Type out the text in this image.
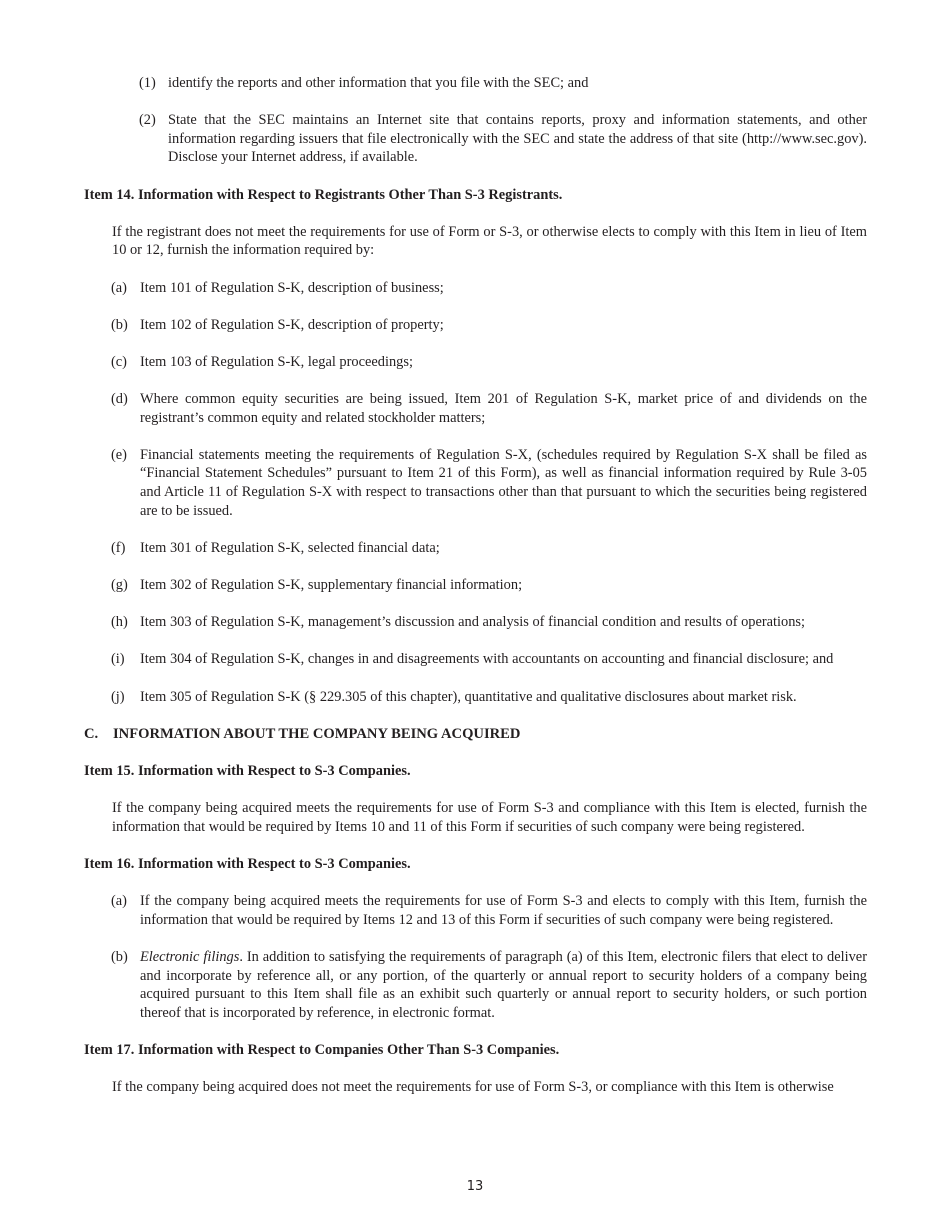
(1) identify the reports and other information that you file with the SEC; and
(2) State that the SEC maintains an Internet site that contains reports, proxy and information statements, and other information regarding issuers that file electronically with the SEC and state the address of that site (http://www.sec.gov). Disclose your Internet address, if available.
Item 14. Information with Respect to Registrants Other Than S-3 Registrants.
If the registrant does not meet the requirements for use of Form or S-3, or otherwise elects to comply with this Item in lieu of Item 10 or 12, furnish the information required by:
(a) Item 101 of Regulation S-K, description of business;
(b) Item 102 of Regulation S-K, description of property;
(c) Item 103 of Regulation S-K, legal proceedings;
(d) Where common equity securities are being issued, Item 201 of Regulation S-K, market price of and dividends on the registrant’s common equity and related stockholder matters;
(e) Financial statements meeting the requirements of Regulation S-X, (schedules required by Regulation S-X shall be filed as “Financial Statement Schedules” pursuant to Item 21 of this Form), as well as financial information required by Rule 3-05 and Article 11 of Regulation S-X with respect to transactions other than that pursuant to which the securities being registered are to be issued.
(f)	Item 301 of Regulation S-K, selected financial data;
(g) Item 302 of Regulation S-K, supplementary financial information;
(h) Item 303 of Regulation S-K, management’s discussion and analysis of financial condition and results of operations;
(i)	Item 304 of Regulation S-K, changes in and disagreements with accountants on accounting and financial disclosure; and
(j)	Item 305 of Regulation S-K (§ 229.305 of this chapter), quantitative and qualitative disclosures about market risk.
C.	INFORMATION ABOUT THE COMPANY BEING ACQUIRED
Item 15. Information with Respect to S-3 Companies.
If the company being acquired meets the requirements for use of Form S-3 and compliance with this Item is elected, furnish the information that would be required by Items 10 and 11 of this Form if securities of such company were being registered.
Item 16. Information with Respect to S-3 Companies.
(a) If the company being acquired meets the requirements for use of Form S-3 and elects to comply with this Item, furnish the information that would be required by Items 12 and 13 of this Form if securities of such company were being registered.
(b) Electronic filings. In addition to satisfying the requirements of paragraph (a) of this Item, electronic filers that elect to deliver and incorporate by reference all, or any portion, of the quarterly or annual report to security holders of a company being acquired pursuant to this Item shall file as an exhibit such quarterly or annual report to security holders, or such portion thereof that is incorporated by reference, in electronic format.
Item 17. Information with Respect to Companies Other Than S-3 Companies.
If the company being acquired does not meet the requirements for use of Form S-3, or compliance with this Item is otherwise
13
